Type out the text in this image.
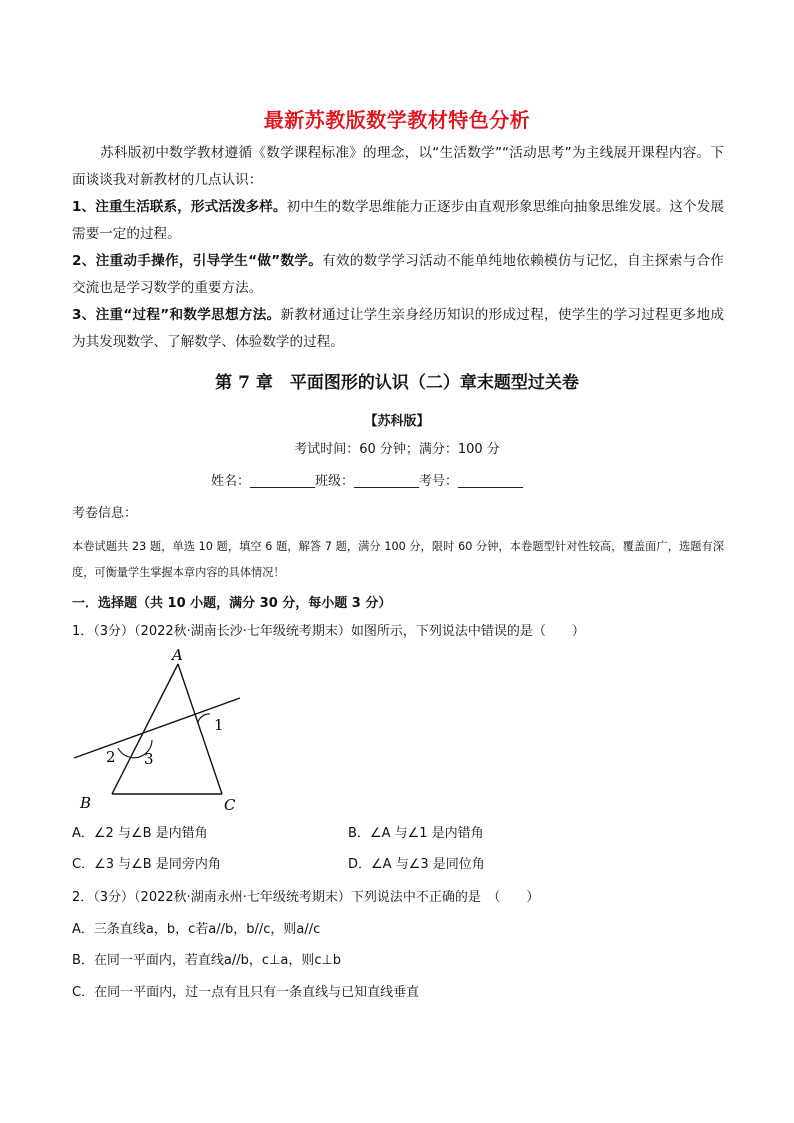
最新苏教版数学教材特色分析
苏科版初中数学教材遵循《数学课程标准》的理念，以“生活数学”“活动思考”为主线展开课程内容。下面谈谈我对新教材的几点认识：
1、注重生活联系，形式活泼多样。初中生的数学思维能力正逐步由直观形象思维向抽象思维发展。这个发展需要一定的过程。
2、注重动手操作，引导学生“做”数学。有效的数学学习活动不能单纯地依赖模仿与记忆，自主探索与合作交流也是学习数学的重要方法。
3、注重“过程”和数学思想方法。新教材通过让学生亲身经历知识的形成过程，使学生的学习过程更多地成为其发现数学、了解数学、体验数学的过程。
第 7 章　平面图形的认识（二）章末题型过关卷
【苏科版】
考试时间：60 分钟；满分：100 分
姓名：__________班级：__________考号：__________
考卷信息：
本卷试题共 23 题，单选 10 题，填空 6 题，解答 7 题，满分 100 分，限时 60 分钟，本卷题型针对性较高，覆盖面广，选题有深度，可衡量学生掌握本章内容的具体情况！
一．选择题（共 10 小题，满分 30 分，每小题 3 分）
1．（3分）（2022秋·湖南长沙·七年级统考期末）如图所示，下列说法中错误的是（　　）
A
B	C
1
2 3
A．∠2 与∠B 是内错角	B．∠A 与∠1 是内错角
C．∠3 与∠B 是同旁内角	D．∠A 与∠3 是同位角
2．（3分）（2022秋·湖南永州·七年级统考期末）下列说法中不正确的是　（　　）
A．三条直线a，b，c若a//b，b//c，则a//c
B．在同一平面内，若直线a//b，c⊥a，则c⊥b
C．在同一平面内，过一点有且只有一条直线与已知直线垂直
